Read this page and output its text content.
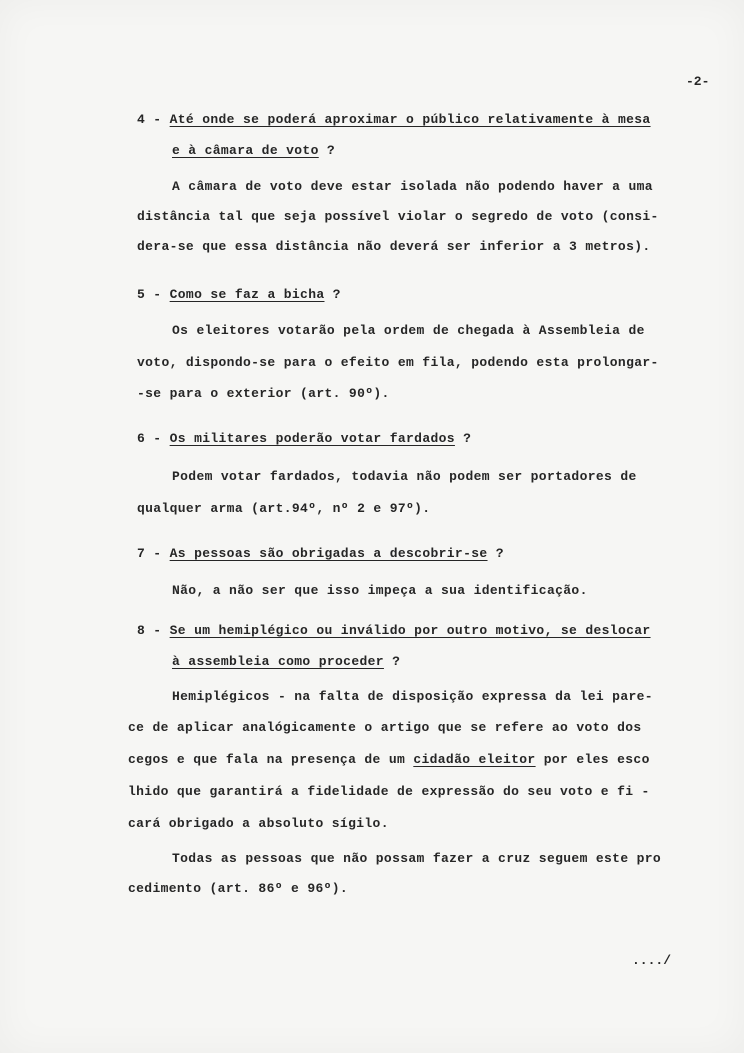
-2-
4 - Até onde se poderá aproximar o público relativamente à mesa
e à câmara de voto ?
A câmara de voto deve estar isolada não podendo haver a uma
distância tal que seja possível violar o segredo de voto (consi-
dera-se que essa distância não deverá ser inferior a 3 metros).
5 - Como se faz a bicha ?
Os eleitores votarão pela ordem de chegada à Assembleia de
voto, dispondo-se para o efeito em fila, podendo esta prolongar-
-se para o exterior (art. 90º).
6 - Os militares poderão votar fardados ?
Podem votar fardados, todavia não podem ser portadores de
qualquer arma (art.94º, nº 2 e 97º).
7 - As pessoas são obrigadas a descobrir-se ?
Não, a não ser que isso impeça a sua identificação.
8 - Se um hemiplégico ou inválido por outro motivo, se deslocar
à assembleia como proceder ?
Hemiplégicos - na falta de disposição expressa da lei pare-
ce de aplicar analógicamente o artigo que se refere ao voto dos
cegos e que fala na presença de um cidadão eleitor por eles esco
lhido que garantirá a fidelidade de expressão do seu voto e fi -
cará obrigado a absoluto sígilo.
Todas as pessoas que não possam fazer a cruz seguem este pro
cedimento (art. 86º e 96º).
..../
